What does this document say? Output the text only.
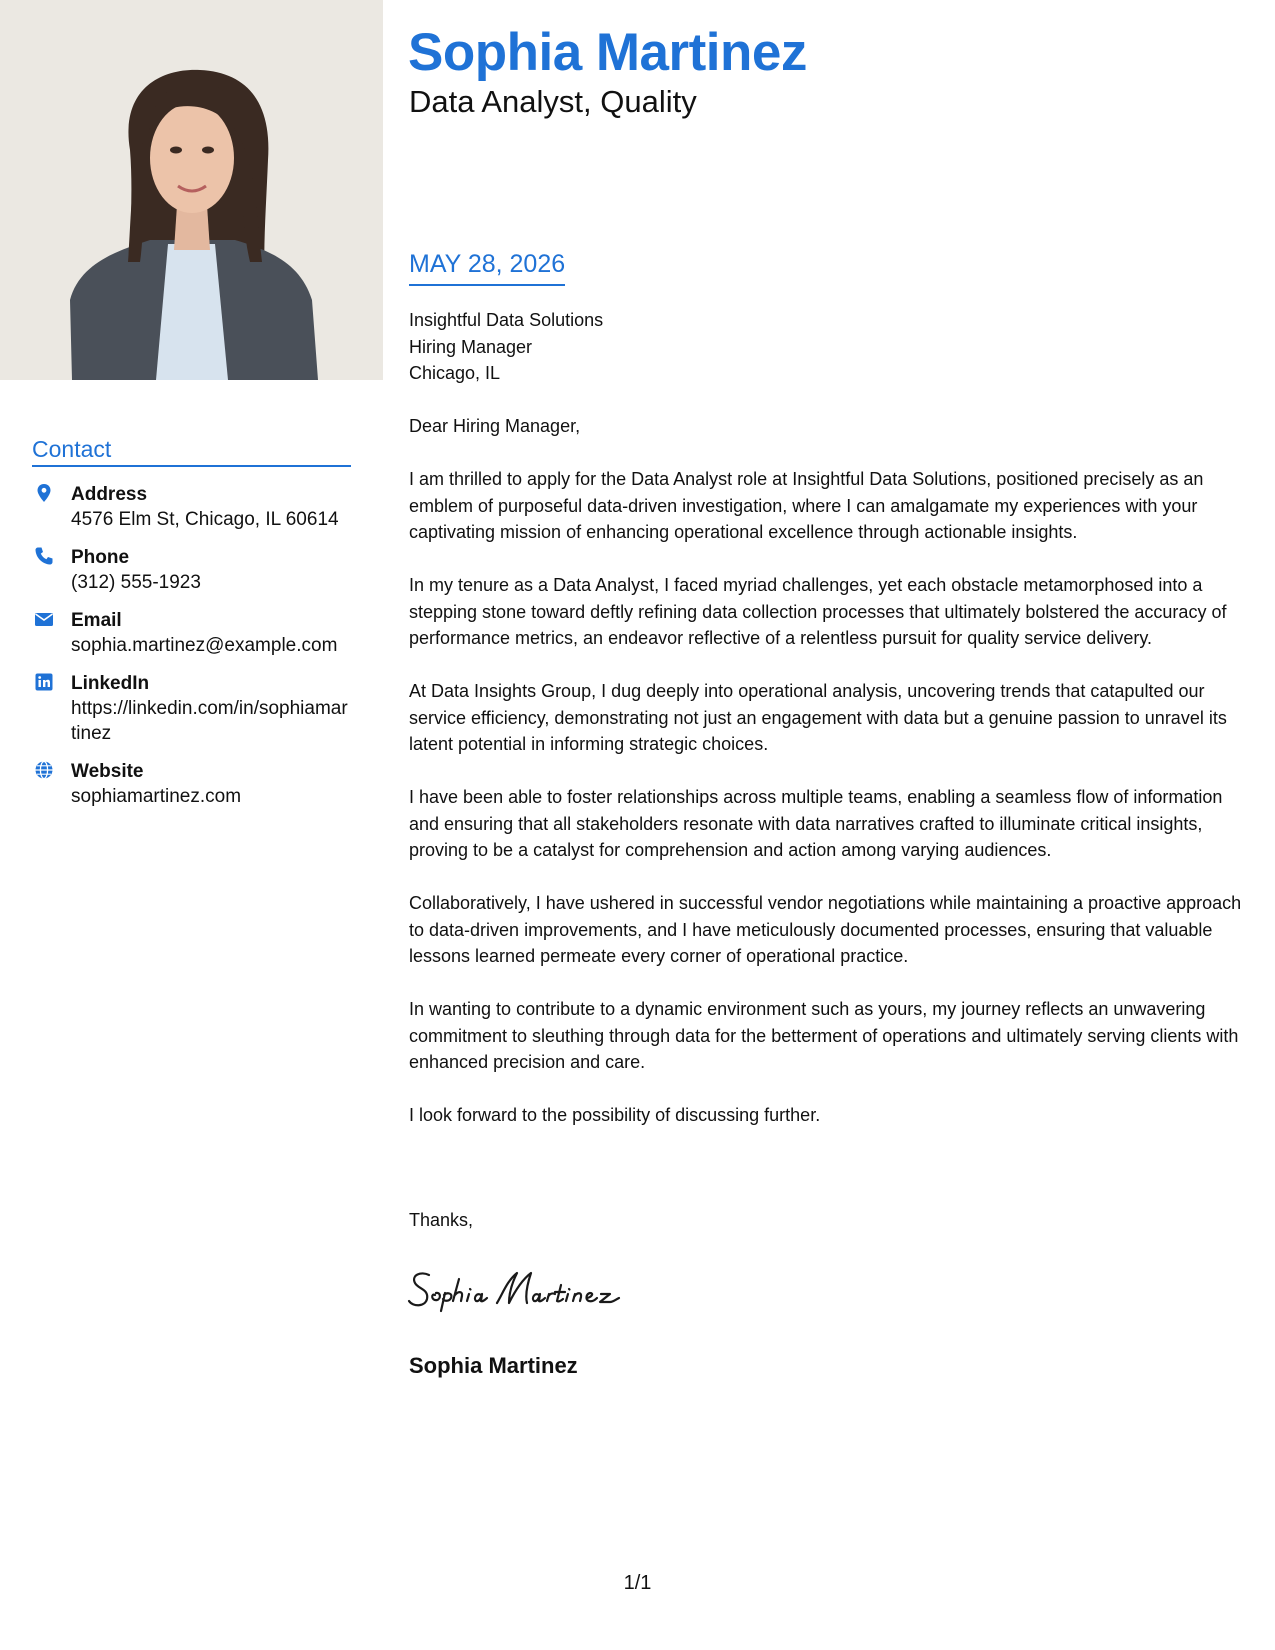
Contact
Address
4576 Elm St, Chicago, IL 60614
Phone
(312) 555-1923
Email
sophia.martinez@example.com
LinkedIn
https://linkedin.com/in/sophiamartinez
Website
sophiamartinez.com
Sophia Martinez
Data Analyst, Quality
MAY 28, 2026
Insightful Data Solutions
Hiring Manager
Chicago, IL

Dear Hiring Manager,

I am thrilled to apply for the Data Analyst role at Insightful Data Solutions, positioned precisely as an emblem of purposeful data-driven investigation, where I can amalgamate my experiences with your captivating mission of enhancing operational excellence through actionable insights.

In my tenure as a Data Analyst, I faced myriad challenges, yet each obstacle metamorphosed into a stepping stone toward deftly refining data collection processes that ultimately bolstered the accuracy of performance metrics, an endeavor reflective of a relentless pursuit for quality service delivery.

At Data Insights Group, I dug deeply into operational analysis, uncovering trends that catapulted our service efficiency, demonstrating not just an engagement with data but a genuine passion to unravel its latent potential in informing strategic choices.

I have been able to foster relationships across multiple teams, enabling a seamless flow of information and ensuring that all stakeholders resonate with data narratives crafted to illuminate critical insights, proving to be a catalyst for comprehension and action among varying audiences.

Collaboratively, I have ushered in successful vendor negotiations while maintaining a proactive approach to data-driven improvements, and I have meticulously documented processes, ensuring that valuable lessons learned permeate every corner of operational practice.

In wanting to contribute to a dynamic environment such as yours, my journey reflects an unwavering commitment to sleuthing through data for the betterment of operations and ultimately serving clients with enhanced precision and care.

I look forward to the possibility of discussing further.

Thanks,
Sophia Martinez
1/1
